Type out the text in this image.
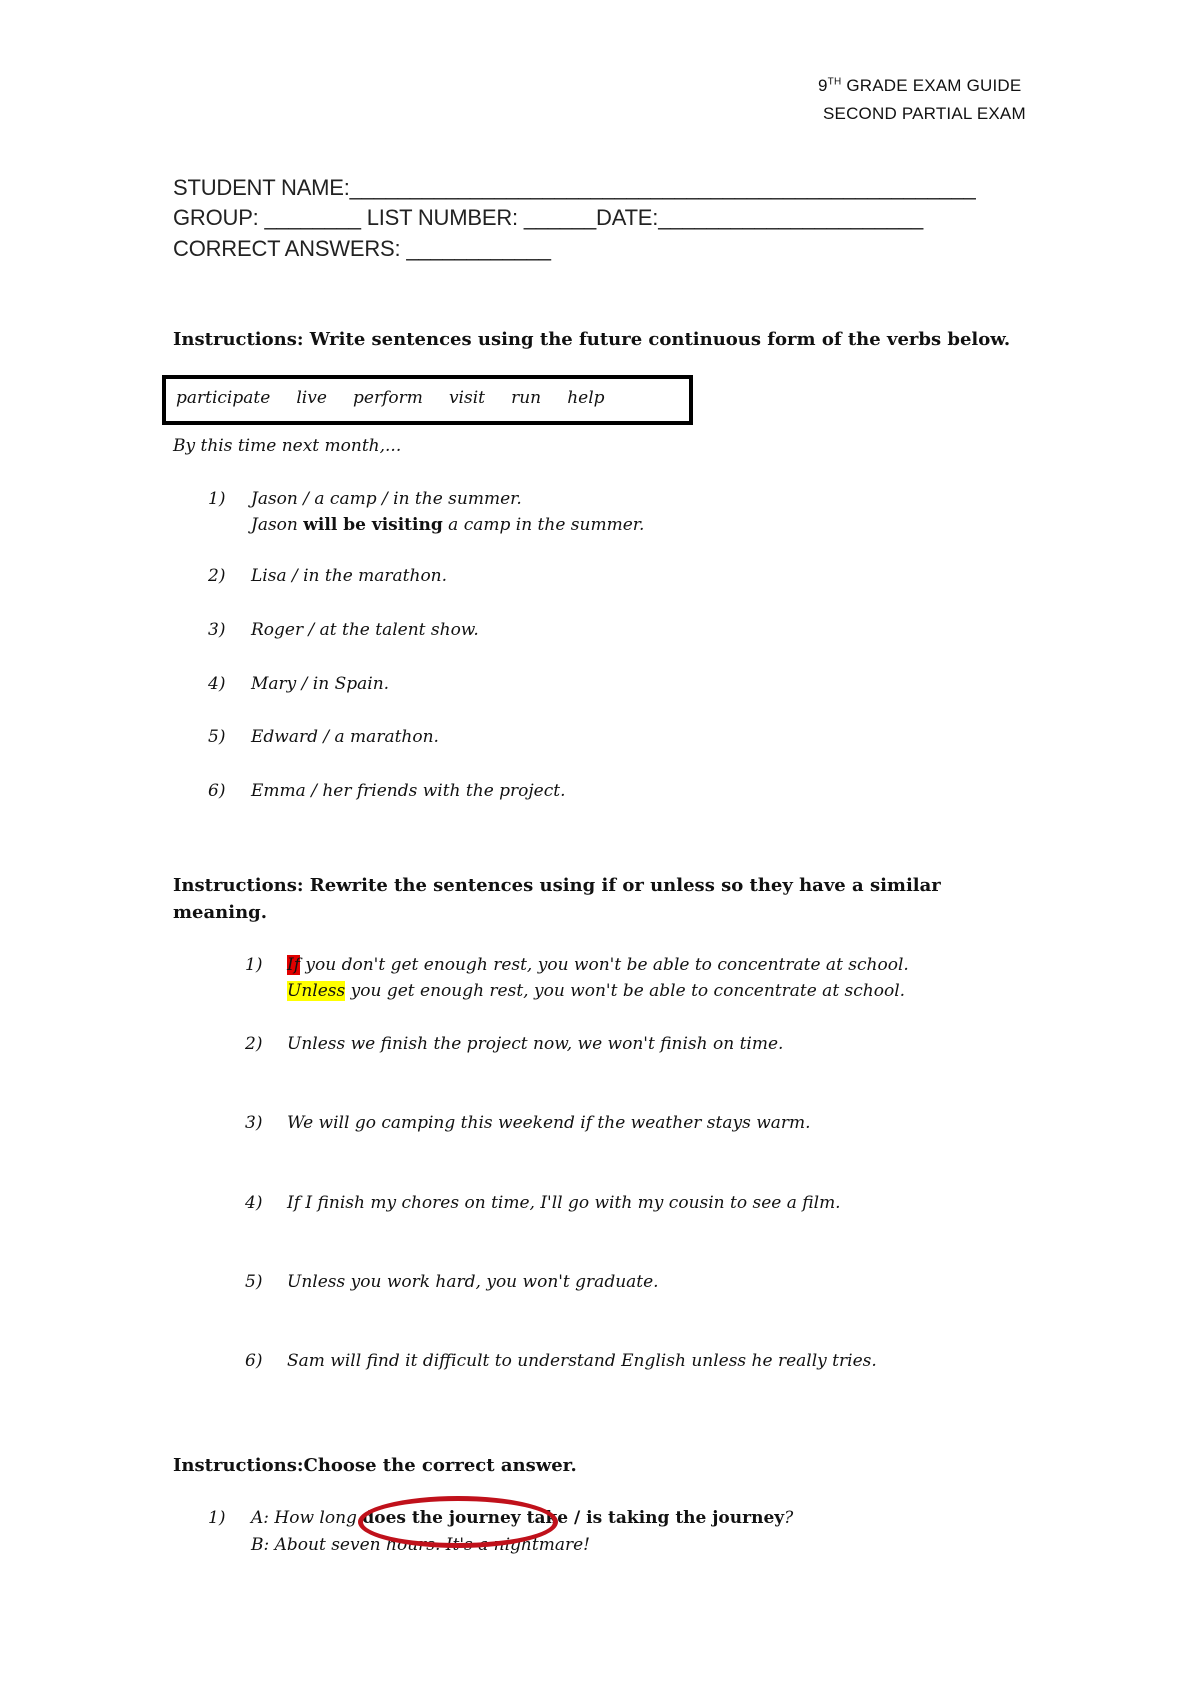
9TH GRADE EXAM GUIDE
SECOND PARTIAL EXAM
STUDENT NAME:____________________________________________________
GROUP: ________ LIST NUMBER: ______DATE:______________________
CORRECT ANSWERS: ____________
Instructions: Write sentences using the future continuous form of the verbs below.
participate live perform visit run help
By this time next month,...
1) Jason / a camp / in the summer.
Jason will be visiting a camp in the summer.
2) Lisa / in the marathon.
3) Roger / at the talent show.
4) Mary / in Spain.
5) Edward / a marathon.
6) Emma / her friends with the project.
Instructions: Rewrite the sentences using if or unless so they have a similar
meaning.
1) If you don't get enough rest, you won't be able to concentrate at school.
Unless you get enough rest, you won't be able to concentrate at school.
2) Unless we finish the project now, we won't finish on time.
3) We will go camping this weekend if the weather stays warm.
4) If I finish my chores on time, I'll go with my cousin to see a film.
5) Unless you work hard, you won't graduate.
6) Sam will find it difficult to understand English unless he really tries.
Instructions:Choose the correct answer.
1) A: How long does the journey take / is taking the journey?
B: About seven hours. It's a nightmare!
